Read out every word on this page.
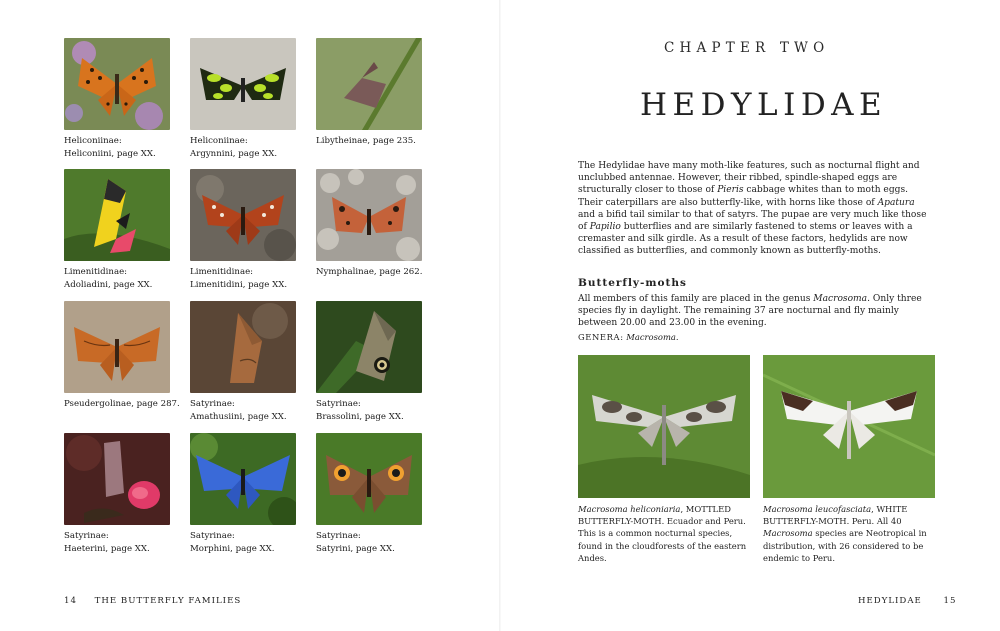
Heliconiinae:
Heliconiini, page XX.
Heliconiinae:
Argynnini, page XX.
Libytheinae, page 235.
Limenitidinae:
Adoliadini, page XX.
Limenitidinae:
Limenitidini, page XX.
Nymphalinae, page 262.
Pseudergolinae, page 287. Satyrinae:
Amathusiini, page XX.
Satyrinae:
Brassolini, page XX.
Satyrinae:
Haeterini, page XX.
Satyrinae:
Morphini, page XX.
Satyrinae:
Satyrini, page XX.
14 THE BUTTERFLY FAMILIES
CHAPTER TWO
HEDYLIDAE
The Hedylidae have many moth-like features, such as nocturnal flight and unclubbed antennae. However, their ribbed, spindle-shaped eggs are structurally closer to those of Pieris cabbage whites than to moth eggs. Their caterpillars are also butterfly-like, with horns like those of Apatura and a bifid tail similar to that of satyrs. The pupae are very much like those of Papilio butterflies and are similarly fastened to stems or leaves with a cremaster and silk girdle. As a result of these factors, hedylids are now classified as butterflies, and commonly known as butterfly-moths.
Butterfly-moths
All members of this family are placed in the genus Macrosoma. Only three species fly in daylight. The remaining 37 are nocturnal and fly mainly between 20.00 and 23.00 in the evening.
GENERA: Macrosoma.
Macrosoma heliconiaria, MOTTLED BUTTERFLY-MOTH. Ecuador and Peru. This is a common nocturnal species, found in the cloudforests of the eastern Andes.
Macrosoma leucofasciata, WHITE BUTTERFLY-MOTH. Peru. All 40 Macrosoma species are Neotropical in distribution, with 26 considered to be endemic to Peru.
HEDYLIDAE	15
